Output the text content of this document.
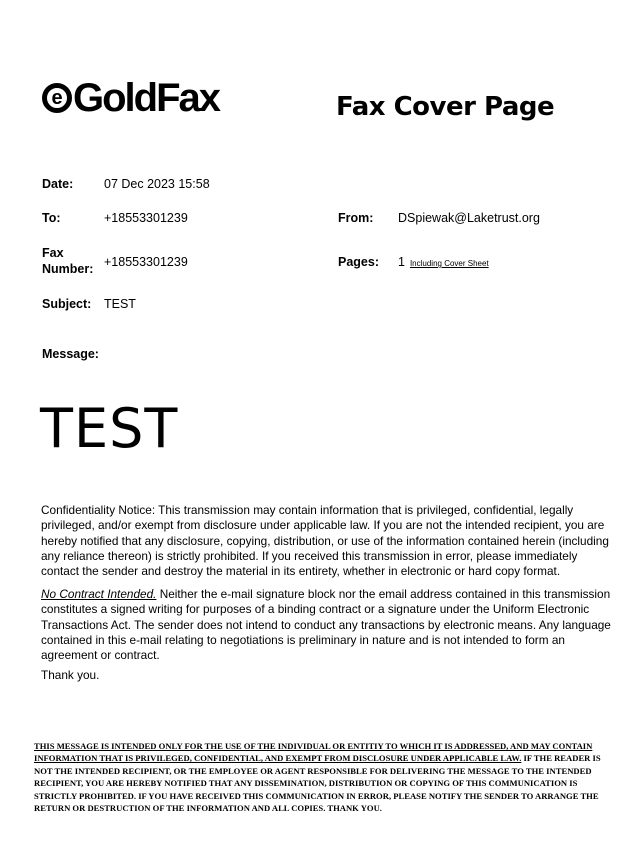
e GoldFax	Fax Cover Page
Date: 07 Dec 2023 15:58
To:	+18553301239	From: DSpiewak@Laketrust.org
Fax
Number: +18553301239	Pages: 1 Including Cover Sheet
Subject: TEST
Message:
TEST
Confidentiality Notice: This transmission may contain information that is privileged, confidential, legally privileged, and/or exempt from disclosure under applicable law. If you are not the intended recipient, you are hereby notified that any disclosure, copying, distribution, or use of the information contained herein (including any reliance thereon) is strictly prohibited. If you received this transmission in error, please immediately contact the sender and destroy the material in its entirety, whether in electronic or hard copy format.
No Contract Intended. Neither the e-mail signature block nor the email address contained in this transmission constitutes a signed writing for purposes of a binding contract or a signature under the Uniform Electronic Transactions Act. The sender does not intend to conduct any transactions by electronic means. Any language contained in this e-mail relating to negotiations is preliminary in nature and is not intended to form an agreement or contract.
Thank you.
THIS MESSAGE IS INTENDED ONLY FOR THE USE OF THE INDIVIDUAL OR ENTITIY TO WHICH IT IS ADDRESSED, AND MAY CONTAIN INFORMATION THAT IS PRIVILEGED, CONFIDENTIAL, AND EXEMPT FROM DISCLOSURE UNDER APPLICABLE LAW. IF THE READER IS NOT THE INTENDED RECIPIENT, OR THE EMPLOYEE OR AGENT RESPONSIBLE FOR DELIVERING THE MESSAGE TO THE INTENDED RECIPIENT, YOU ARE HEREBY NOTIFIED THAT ANY DISSEMINATION, DISTRIBUTION OR COPYING OF THIS COMMUNICATION IS STRICTLY PROHIBITED. IF YOU HAVE RECEIVED THIS COMMUNICATION IN ERROR, PLEASE NOTIFY THE SENDER TO ARRANGE THE RETURN OR DESTRUCTION OF THE INFORMATION AND ALL COPIES. THANK YOU.
